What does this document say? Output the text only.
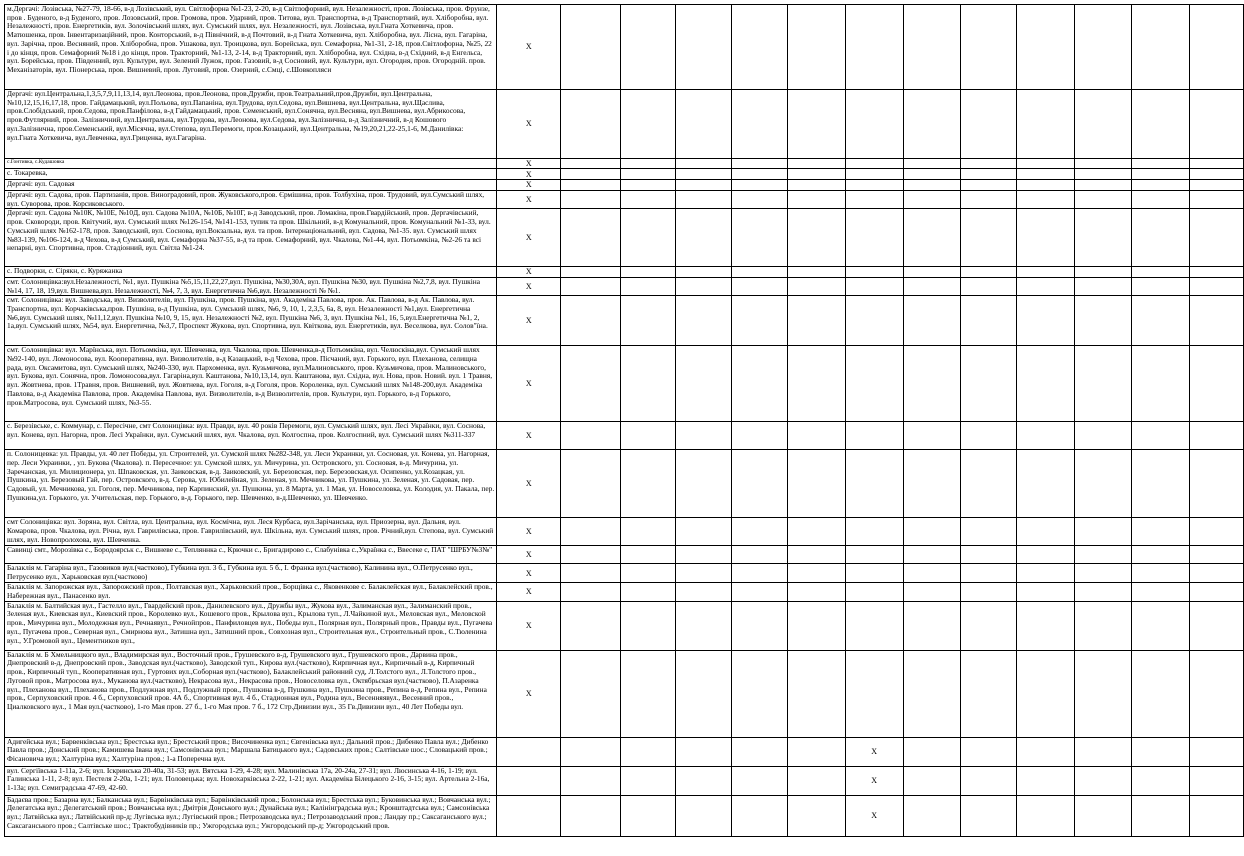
м.Дергачі: Лозівська, №27-79, 18-66, в-д Лозівський, вул. Світлофорна №1-23, 2-20, в-д Світлофорний, вул. Незалежності, пров. Лозівська, пров. Фрунзе, пров . Буденого, в-д Буденого, пров. Лозовський, пров. Громова, пров. Ударний, пров. Титова, вул. Транспортна, в-д Транспортний, вул. Хліборобна, вул. Незалежності, пров. Енергетиків, вул. Золочівський шлях, вул. Сумський шлях, вул. Незалежності, вул. Лозівська, вул.Гната Хоткевича, пров. Матюшенка, пров. Інвентаризаційний, пров. Конторський, в-д Північний, в-д Почтовий, в-д Гната Хоткевича, вул. Хліборобна, вул. Лісна, вул. Гагаріна, вул. Зарічна, пров. Весняний, пров. Хліборобна, пров. Ушакова, вул. Троицкова, вул. Борейська, вул. Семафорна, №1-31, 2-18, пров.Світлофорна, №25, 22 і до кінця, пров. Семафорний №18 і до кінця, пров. Тракторний, №1-13, 2-14, в-д Тракторний, вул. Хліборобна, вул. Східна, в-д Східний, в-д Енгельса, вул. Борейська, пров. Південний, вул. Культури, вул. Зелений Лужок, пров. Газовий, в-д Сосновий, вул. Культури, вул. Огородня, пров. Огородній. пров. Механізаторів, вул. Піонерська, пров. Вишневий, пров. Луговий, пров. Озерний, с.Смці, с.Шовкопляси	X												
Дергачі: вул.Центральна,1,3,5,7,9,11,13,14, вул.Леонова, пров.Леонова, пров.Дружби, пров.Театральний,пров.Дружби, вул.Центральна, №10,12,15,16,17,18, пров. Гайдамацький, вул.Польова, вул.Папаніна, вул.Трудова, вул.Седова, вул.Вишнева, вул.Центральна, вул.Щаслива, пров.Слобідський, пров.Седова, пров.Панфілова, в-д Гайдамацький, пров. Семенський, вул.Сонячна, вул.Весняна, вул.Вишнева, вул.Абрикосова, пров.Футлярний, пров. Залізничний, вул.Центральна, вул.Трудова, вул.Леонова, вул.Седова, вул.Залізнична, в-д Залізничний, в-д Кошового вул.Залізнична, пров.Семенський, вул.Місячна, вул.Степова, вул.Перемоги, пров.Козацький, вул.Центральна, №19,20,21,22-25,1-6, М.Данилівка: вул.Гната Хоткевича, вул.Левченка, вул.Гриценка, вул.Гагаріна.	X												
с.Гонтивка, с.Кудашовка	X												
с. Токаревка,	X												
Дергачі: вул. Садовая	X												
Дергачі: вул. Садова, пров. Партизанів, пров. Виноградовий, пров. Жуковського,пров. Єрмішина, пров. Толбухіна, пров. Трудовий, вул.Сумський шлях, вул. Суворова, пров. Корсиковського.	X												
Дергачі: вул. Садова №10К, №10Е, №10Д, вул. Садова №10А, №10Б, №10Г, в-д Заводський, пров. Ломакіна, пров.Гвардійський, пров. Дергачівський, пров. Сковороди, пров. Квітучий, вул. Сумський шлях №126-154, №141-153, тупик та пров. Шкільний, в-д Комунальний, пров. Комунальний №1-33, вул. Сумський шлях №162-178, пров. Заводський, вул. Соснова, вул.Вокзальна, вул. та пров. Інтернаціональний, вул. Садова, №1-35. вул. Сумський шлях №83-139, №106-124, в-д Чехова, в-д Сумський, вул. Семафорна №37-55, в-д та пров. Семафорний, вул. Чкалова, №1-44, вул. Потьомкіна, №2-26 та всі непарні, вул. Спортивна, пров. Стадіонний, вул. Світла №1-24.	X												
с. Подворки, с. Сірякн, с. Куряжанка	X												
смт. Солоницівка:вул.Незалежності, №1, вул. Пушкіна №5,15,11,22,27,вул. Пушкіна, №30,30А, вул. Пушкіна №30, вул. Пушкіна №2,7,8, вул. Пушкіна №14, 17, 18, 19,вул. Вишнева,вул. Незалежності, №4, 7, 3, вул. Енергетична №6,вул. Незалежності № №1.	X												
смт. Солоницівка: вул. Заводська, вул. Визволителів, вул. Пушкіна, пров. Пушкіна, вул. Академіка Павлова, пров. Ак. Павлова, в-д Ак. Павлова, вул. Транспортна, вул. Корчаківська,пров. Пушкіна, в-д Пушкіна, вул. Сумський шлях, №6, 9, 10, 1, 2,3,5, 6а, 8, вул. Незалежності №1,вул. Енергетична №6,вул. Сумський шлях, №11,12,вул. Пушкіна №10, 9, 15, вул. Незалежності №2, вул. Пушкіна №6, 3, вул. Пушкіна №1, 16, 5,вул.Енергетична №1, 2, 1а,вул. Сумський шлях, №54, вул. Енергетична, №3,7, Проспект Жукова, вул. Спортивна, вул. Квіткова, вул. Енергетиків, вул. Веселкова, вул. Солов"їна.	X												
смт. Солоницівка: вул. Марїнська, вул. Потьомкіна, вул. Шевченка, вул. Чкалова, пров. Шевченка,в-д Потьомкіна, вул. Челюскіна,вул. Сумський шлях №92-140, вул. Ломоносова, вул. Кооперативна, вул. Визволителів, в-д Казацький, в-д Чехова, пров. Пісчаний, вул. Горького, вул. Плеханова, селищна рада, вул. Оксамитова, вул. Сумський шлях, №240-330, вул. Пархоменка, вул. Кузьмичова, вул.Малиновського, пров. Кузьмичова, пров. Малиновського, вул. Букова, вул. Сонячна, пров. Ломоносова,вул. Гагаріна,вул. Каштанова, №10,13,14, вул. Каштанова, вул. Східна, вул. Нова, пров. Новий. вул. 1 Травня, вул. Жовтнева, пров. 1Травня, пров. Вишневий, вул. Жовтнева, вул. Гоголя, в-д Гоголя, пров. Короленка, вул. Сумський шлях №148-200,вул. Академіка Павлова, в-д Академіка Павлова, пров. Академіка Павлова, вул. Визволителів, в-д Визволителів, пров. Культури, вул. Горького, в-д Горького, пров.Матросова, вул. Сумський шлях, №3-55.	X												
с. Березівське, с. Коммунар, с. Пересічне, смт Солоницівка: вул. Правди, вул. 40 років Перемоги, вул. Сумський шлях, вул. Лесі Українки, вул. Соснова, вул. Конева, вул. Нагорна, пров. Лесі Українки, вул. Сумський шлях, вул. Чкалова, вул. Колгоспна, пров. Колгоспний, вул. Сумський шлях №311-337	X												
п. Солоницевка: ул. Правды, ул. 40 лет Победы, ул. Строителей, ул. Сумской шлях №282-348, ул. Леси Украинки, ул. Сосновая, ул. Конева, ул. Нагорная, пер. Леси Украинки, , ул. Букова (Чкалова). п. Пересечное: ул. Сумской шлях, ул. Мичурина, ул. Островского, ул. Сосновая, в-д. Мичурина, ул. Заречанская, ул. Милиционера, ул. Шпаковская, ул. Заиковская, в-д. Заиковский, ул. Березовская, пер. Березовская,ул. Осипенко, ул.Козацкая, ул. Пушкина, ул. Березовый Гай, пер. Островского, в-д. Серова, ул. Юбилейная, ул. Зеленая, ул. Мечникова, ул. Пушкина, ул. Зеленая, ул. Садовая, пер. Садовый, ул. Мечникова, ул. Гоголя, пер. Мечникова, пер Карпинский, ул. Пушкина, ул. 8 Марта, ул. 1 Мая, ул. Новоселовка, ул. Колодия, ул. Пакала, пер. Пушкина,ул. Горького, ул. Учительская, пер. Горького, в-д. Горького, пер. Шевченко, в-д.Шевченко, ул. Шевченко.	X												
смт Солоницівка: вул. Зоряна, вул. Світла, вул. Центральна, вул. Космічна, вул. Леся Курбаса, вул.Зарічанська, вул. Приозерна, вул. Дальня, вул. Комарова, пров. Чкалова, вул. Річна, вул. Гаврилівська, пров. Гаврилівський, вул. Шкільна, вул. Сумський шлях, пров. Річний,вул. Степова, вул. Сумський шлях, вул. Новопролохова, вул. Шевченка.	X												
Савинці смт., Морозівка с., Бородоярськ с., Вишневе с., Тепляннка с., Крючки с., Бригадирово с., Слабунівка с.,Українка с., Ввесеке с, ПАТ "ШРБУ№3№"	X												
Балаклія м. Гагаріна вул., Газовиков вул.(частково), Губкина вул. 3 б., Губкина вул. 5 б., І. Франка вул.(частково), Калинина вул., О.Петрусенко вул., Петрусенко вул., Харьковская вул.(частково)	X												
Балаклія м. Запорожская вул., Запорожский пров., Полтавская вул., Харьковский пров., Борщівка с., Яковенкове с. Балаклейская вул., Балаклейский пров., Набережная вул., Панасенко вул.	X												
Балаклія м. Балтийская вул., Гастелло вул., Гвардейский пров., Данилевского вул., Дружбы вул., Жукова вул., Залиманская вул., Залиманский пров., Зеленая вул., Киевская вул., Киевский пров., Королевко вул., Кошевого пров., Крылова вул., Крылова туп., Л.Чайкиной вул., Меловская вул., Меловской пров., Мичурина вул., Молодежная вул., Речнаявул., Речнойпров., Панфиловцев вул., Победы вул., Полярная вул., Полярный пров., Правды вул., Пугачева вул., Пугачева пров., Северная вул., Смирнова вул., Затишна вул., Затишний пров., Совхозная вул., Строительная вул., Строительный пров., С.Тюленина вул., У.Громовой вул., Цементников вул.,	X												
Балаклія м. Б Хмельницкого вул., Владимирская вул., Восточный пров., Грушевского в-д, Грушевского вул., Грушевского пров., Дарвина пров., Днепровский в-д, Днепровский пров., Заводская вул.(частково), Заводской туп., Кирова вул.(частково), Кирпичная вул., Кирпичный в-д, Кирпичный пров., Кирпичный туп., Кооперативная вул., Гуртових вул.,Соборная вул.(частково), Балаклейський районний суд, Л.Толстого вул., Л.Толстого пров., Луговой пров., Матросова вул., Муканова вул.(частково), Некрасова вул., Некрасова пров., Новоселовка вул., Октябрьская вул.(частково), П.Азаренка вул., Плеханова вул., Плеханова пров., Подлужная вул., Подлужный пров., Пушкина в-д, Пушкина вул., Пушкина пров., Репина в-д, Репина вул., Репина пров., Серпуховский пров. 4 б., Серпуховский пров. 4А б., Спортивная вул. 4 б., Стадионная вул., Родина вул., Весенняявул., Весенний пров., Циалковского вул., 1 Мая вул.(частково), 1-го Мая пров. 27 б., 1-го Мая пров. 7 б., 172 Стр.Дивизии вул., 35 Гв.Дивизии вул., 40 Лет Победы вул.	X												
Адигейська вул.; Барвенківська вул.; Брестська вул.; Брестський пров.; Височиненка вул.; Євгенівська вул.; Дальний пров.; Дибенко Павла вул.; Дибенко Павла пров.; Донський пров.; Камишева Івана вул.; Самсонівська вул.; Маршала Батицького вул.; Садовських пров.; Салтівське шос.; Словацький пров.; Фісановича вул.; Халтуріна вул.; Халтуріна пров.; 1-а Поперечна вул.							X						
вул. Сергіївська 1-11а, 2-6; вул. Іскринська 20-40а, 31-53; вул. Вятська 1-29, 4-28; вул. Малинівська 17а, 20-24а, 27-31; вул. Люсинська 4-16, 1-19; вул. Галинська 1-11, 2-8; вул. Пестеля 2-20а, 1-21; вул. Половецька; вул. Новохарківська 2-22, 1-21; вул. Академіка Білецького 2-16, 3-15; вул. Артельна 2-16а, 1-13а; вул. Семиградська 47-69, 42-60.							X						
Бадаєва пров.; Базарна вул.; Балканська вул.; Барвінківська вул.; Барвінківський пров.; Болонська вул.; Брестська вул.; Буковинська вул.; Вовчанська вул.; Делегатська вул.; Делегатський пров.; Вовчанська вул.; Дмітрія Донського вул.; Дунайська вул.; Калінінградська вул.; Кронштадтська вул.; Самсонівська вул.; Латвійська вул.; Латвійський пр-д; Лугівська вул.; Лугівський пров.; Петрозаводська вул.; Петрозаводський пров.; Ландау пр.; Саксаганського вул.; Саксаганського пров.; Салтівське шос.; Трактобудівників пр.; Ужгородська вул.; Ужгородський пр-д; Ужгородський пров.							X						
